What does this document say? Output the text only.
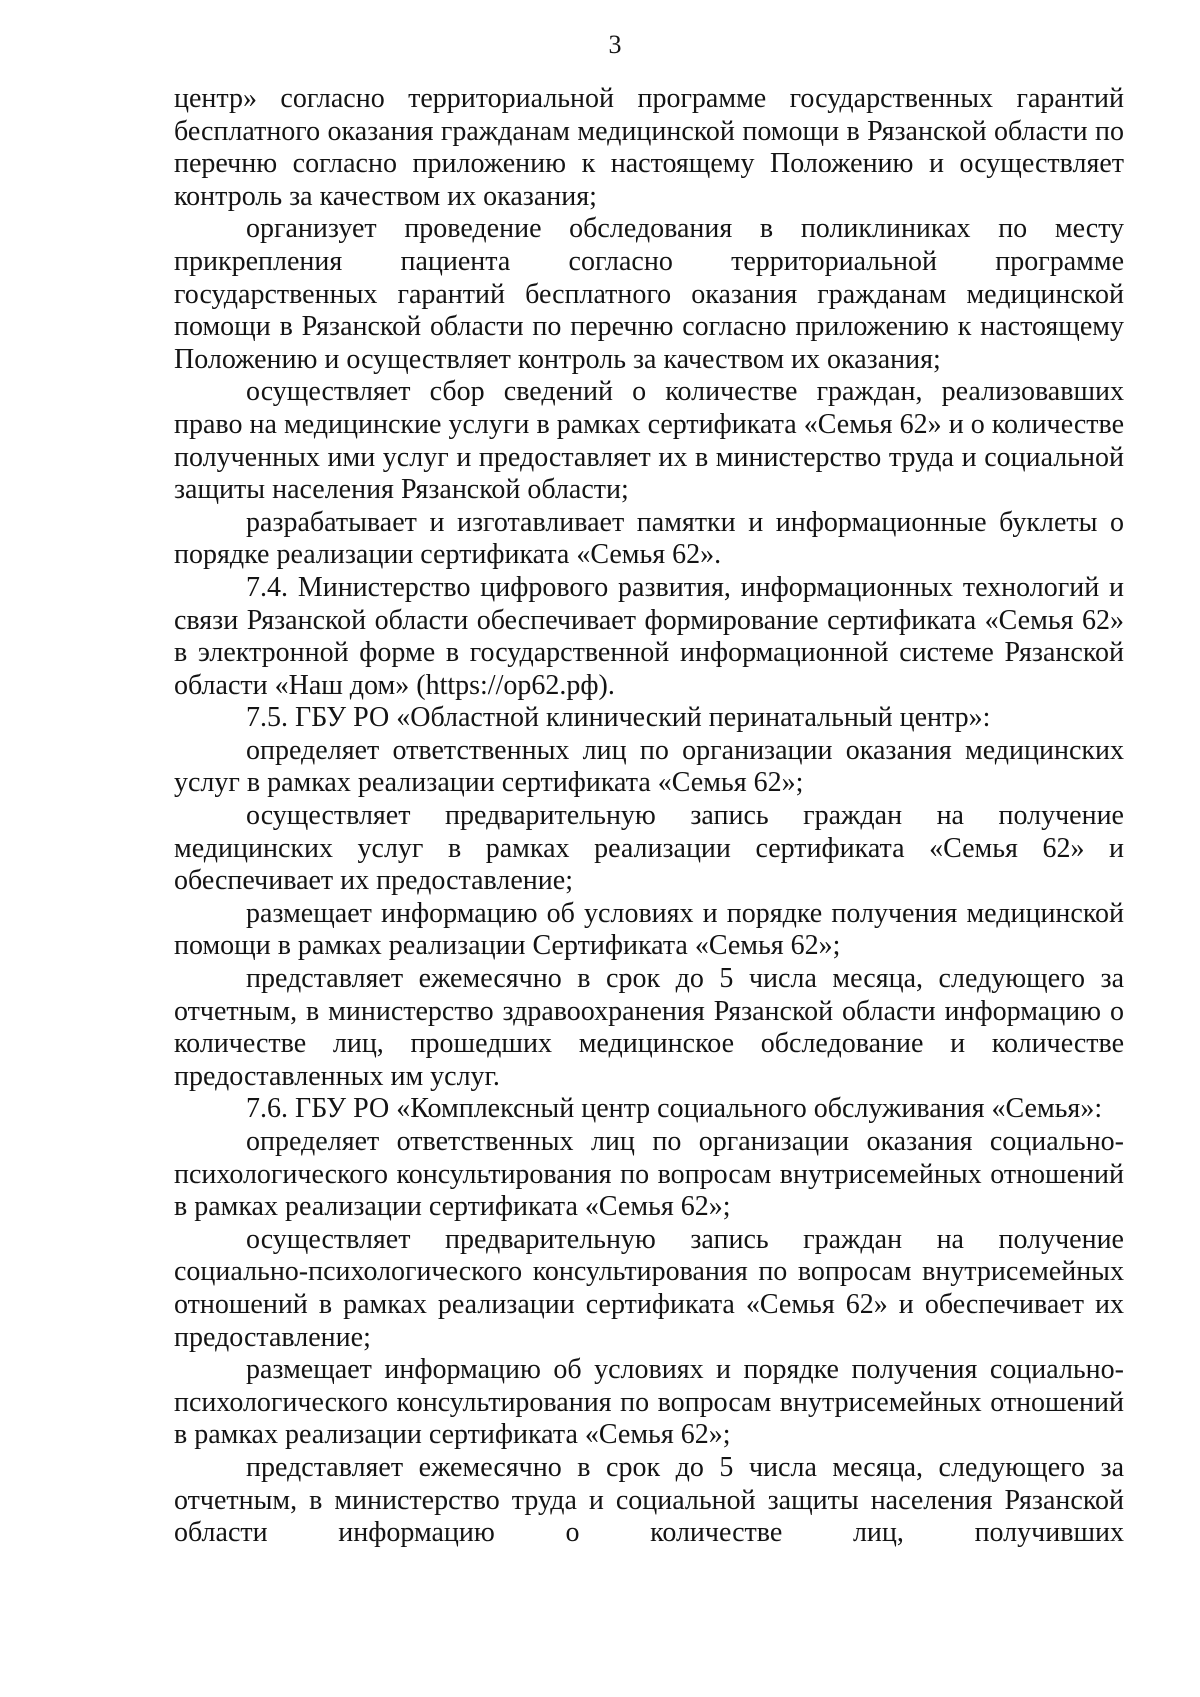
3

центр» согласно территориальной программе государственных гарантий бесплатного оказания гражданам медицинской помощи в Рязанской области по перечню согласно приложению к настоящему Положению и осуществляет контроль за качеством их оказания;

организует проведение обследования в поликлиниках по месту прикрепления пациента согласно территориальной программе государственных гарантий бесплатного оказания гражданам медицинской помощи в Рязанской области по перечню согласно приложению к настоящему Положению и осуществляет контроль за качеством их оказания;

осуществляет сбор сведений о количестве граждан, реализовавших право на медицинские услуги в рамках сертификата «Семья 62» и о количестве полученных ими услуг и предоставляет их в министерство труда и социальной защиты населения Рязанской области;

разрабатывает и изготавливает памятки и информационные буклеты о порядке реализации сертификата «Семья 62».

7.4. Министерство цифрового развития, информационных технологий и связи Рязанской области обеспечивает формирование сертификата «Семья 62» в электронной форме в государственной информационной системе Рязанской области «Наш дом» (https://op62.рф).

7.5. ГБУ РО «Областной клинический перинатальный центр»:

определяет ответственных лиц по организации оказания медицинских услуг в рамках реализации сертификата «Семья 62»;

осуществляет предварительную запись граждан на получение медицинских услуг в рамках реализации сертификата «Семья 62» и обеспечивает их предоставление;

размещает информацию об условиях и порядке получения медицинской помощи в рамках реализации Сертификата «Семья 62»;

представляет ежемесячно в срок до 5 числа месяца, следующего за отчетным, в министерство здравоохранения Рязанской области информацию о количестве лиц, прошедших медицинское обследование и количестве предоставленных им услуг.

7.6. ГБУ РО «Комплексный центр социального обслуживания «Семья»:

определяет ответственных лиц по организации оказания социально-психологического консультирования по вопросам внутрисемейных отношений в рамках реализации сертификата «Семья 62»;

осуществляет предварительную запись граждан на получение социально-психологического консультирования по вопросам внутрисемейных отношений в рамках реализации сертификата «Семья 62» и обеспечивает их предоставление;

размещает информацию об условиях и порядке получения социально-психологического консультирования по вопросам внутрисемейных отношений в рамках реализации сертификата «Семья 62»;

представляет ежемесячно в срок до 5 числа месяца, следующего за отчетным, в министерство труда и социальной защиты населения Рязанской области информацию о количестве лиц, получивших
